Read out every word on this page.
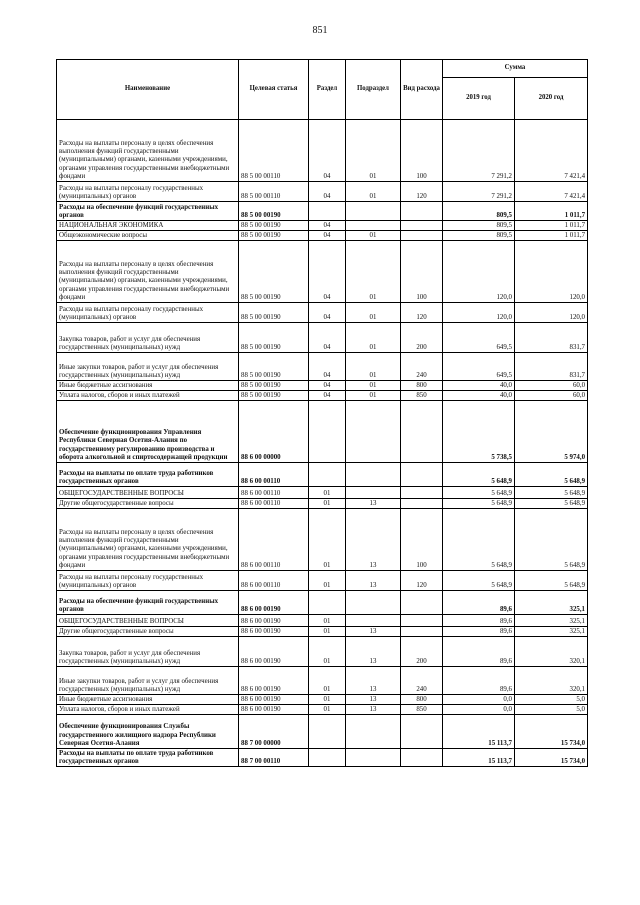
851
Наименование	Целевая статья	Раздел	Подраздел	Вид расхода	Сумма	
					2019 год	2020 год
Расходы на выплаты персоналу в целях обеспечения выполнения функций государственными (муниципальными) органами, казенными учреждениями, органами управления государственными внебюджетными фондами	88 5 00 00110	04	01	100	7 291,2	7 421,4
Расходы на выплаты персоналу государственных (муниципальных) органов	88 5 00 00110	04	01	120	7 291,2	7 421,4
Расходы на обеспечение функций государственных органов	88 5 00 00190				809,5	1 011,7
НАЦИОНАЛЬНАЯ ЭКОНОМИКА	88 5 00 00190	04			809,5	1 011,7
Общеэкономические вопросы	88 5 00 00190	04	01		809,5	1 011,7
Расходы на выплаты персоналу в целях обеспечения выполнения функций государственными (муниципальными) органами, казенными учреждениями, органами управления государственными внебюджетными фондами	88 5 00 00190	04	01	100	120,0	120,0
Расходы на выплаты персоналу государственных (муниципальных) органов	88 5 00 00190	04	01	120	120,0	120,0
Закупка товаров, работ и услуг для обеспечения государственных (муниципальных) нужд	88 5 00 00190	04	01	200	649,5	831,7
Иные закупки товаров, работ и услуг для обеспечения государственных (муниципальных) нужд	88 5 00 00190	04	01	240	649,5	831,7
Иные бюджетные ассигнования	88 5 00 00190	04	01	800	40,0	60,0
Уплата налогов, сборов и иных платежей	88 5 00 00190	04	01	850	40,0	60,0
Обеспечение функционирования Управления Республики Северная Осетия-Алания по государственному регулированию производства и оборота алкогольной и спиртосодержащей продукции	88 6 00 00000				5 738,5	5 974,0
Расходы на выплаты по оплате труда работников государственных органов	88 6 00 00110				5 648,9	5 648,9
ОБЩЕГОСУДАРСТВЕННЫЕ ВОПРОСЫ	88 6 00 00110	01			5 648,9	5 648,9
Другие общегосударственные вопросы	88 6 00 00110	01	13		5 648,9	5 648,9
Расходы на выплаты персоналу в целях обеспечения выполнения функций государственными (муниципальными) органами, казенными учреждениями, органами управления государственными внебюджетными фондами	88 6 00 00110	01	13	100	5 648,9	5 648,9
Расходы на выплаты персоналу государственных (муниципальных) органов	88 6 00 00110	01	13	120	5 648,9	5 648,9
Расходы на обеспечение функций государственных органов	88 6 00 00190				89,6	325,1
ОБЩЕГОСУДАРСТВЕННЫЕ ВОПРОСЫ	88 6 00 00190	01			89,6	325,1
Другие общегосударственные вопросы	88 6 00 00190	01	13		89,6	325,1
Закупка товаров, работ и услуг для обеспечения государственных (муниципальных) нужд	88 6 00 00190	01	13	200	89,6	320,1
Иные закупки товаров, работ и услуг для обеспечения государственных (муниципальных) нужд	88 6 00 00190	01	13	240	89,6	320,1
Иные бюджетные ассигнования	88 6 00 00190	01	13	800	0,0	5,0
Уплата налогов, сборов и иных платежей	88 6 00 00190	01	13	850	0,0	5,0
Обеспечение функционирования Службы государственного жилищного надзора Республики Северная Осетия-Алания	88 7 00 00000				15 113,7	15 734,0
Расходы на выплаты по оплате труда работников государственных органов	88 7 00 00110				15 113,7	15 734,0
